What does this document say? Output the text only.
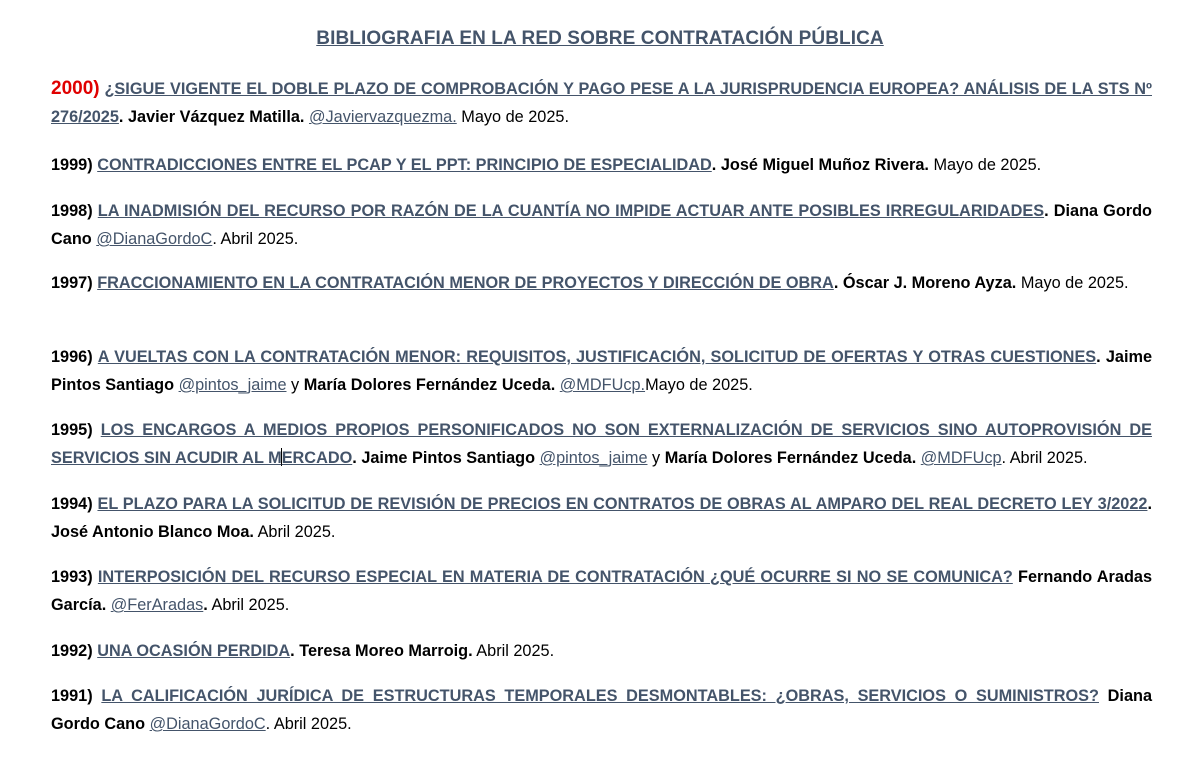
BIBLIOGRAFIA EN LA RED SOBRE CONTRATACIÓN PÚBLICA
2000) ¿SIGUE VIGENTE EL DOBLE PLAZO DE COMPROBACIÓN Y PAGO PESE A LA JURISPRUDENCIA EUROPEA? ANÁLISIS DE LA STS Nº 276/2025. Javier Vázquez Matilla. @Javiervazquezma. Mayo de 2025.
1999) CONTRADICCIONES ENTRE EL PCAP Y EL PPT: PRINCIPIO DE ESPECIALIDAD. José Miguel Muñoz Rivera. Mayo de 2025.
1998) LA INADMISIÓN DEL RECURSO POR RAZÓN DE LA CUANTÍA NO IMPIDE ACTUAR ANTE POSIBLES IRREGULARIDADES. Diana Gordo Cano @DianaGordoC. Abril 2025.
1997) FRACCIONAMIENTO EN LA CONTRATACIÓN MENOR DE PROYECTOS Y DIRECCIÓN DE OBRA. Óscar J. Moreno Ayza. Mayo de 2025.
1996) A VUELTAS CON LA CONTRATACIÓN MENOR: REQUISITOS, JUSTIFICACIÓN, SOLICITUD DE OFERTAS Y OTRAS CUESTIONES. Jaime Pintos Santiago @pintos_jaime y María Dolores Fernández Uceda. @MDFUcp.Mayo de 2025.
1995) LOS ENCARGOS A MEDIOS PROPIOS PERSONIFICADOS NO SON EXTERNALIZACIÓN DE SERVICIOS SINO AUTOPROVISIÓN DE SERVICIOS SIN ACUDIR AL MERCADO. Jaime Pintos Santiago @pintos_jaime y María Dolores Fernández Uceda. @MDFUcp. Abril 2025.
1994) EL PLAZO PARA LA SOLICITUD DE REVISIÓN DE PRECIOS EN CONTRATOS DE OBRAS AL AMPARO DEL REAL DECRETO LEY 3/2022. José Antonio Blanco Moa. Abril 2025.
1993) INTERPOSICIÓN DEL RECURSO ESPECIAL EN MATERIA DE CONTRATACIÓN ¿QUÉ OCURRE SI NO SE COMUNICA? Fernando Aradas García. @FerAradas. Abril 2025.
1992) UNA OCASIÓN PERDIDA. Teresa Moreo Marroig. Abril 2025.
1991) LA CALIFICACIÓN JURÍDICA DE ESTRUCTURAS TEMPORALES DESMONTABLES: ¿OBRAS, SERVICIOS O SUMINISTROS? Diana Gordo Cano @DianaGordoC. Abril 2025.
